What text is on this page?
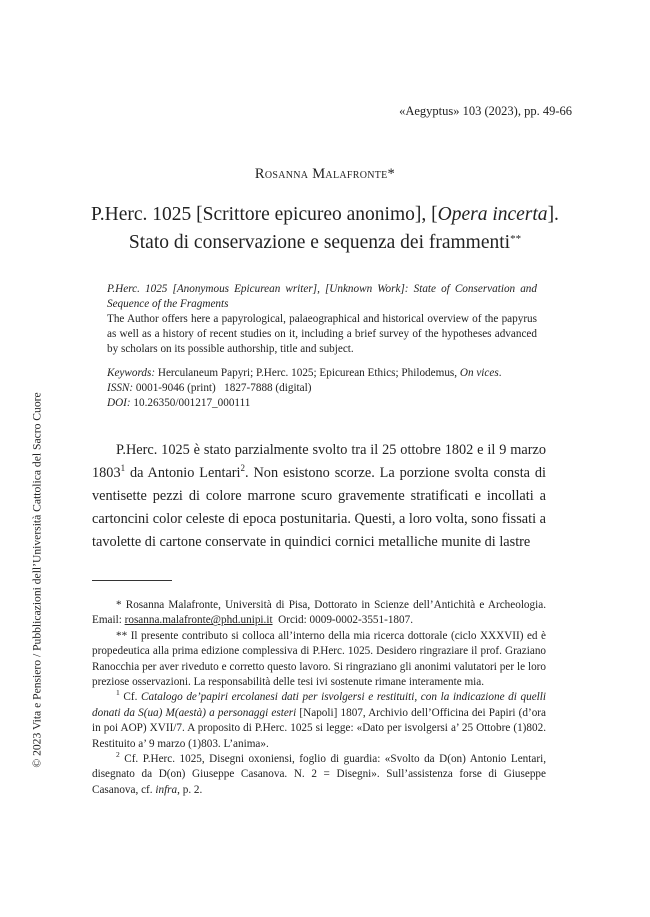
«Aegyptus» 103 (2023), pp. 49-66
Rosanna Malafronte*
P.Herc. 1025 [Scrittore epicureo anonimo], [Opera incerta].
Stato di conservazione e sequenza dei frammenti**

P.Herc. 1025 [Anonymous Epicurean writer], [Unknown Work]: State of Conservation and Sequence of the Fragments

The Author offers here a papyrological, palaeographical and historical overview of the papyrus as well as a history of recent studies on it, including a brief survey of the hypotheses advanced by scholars on its possible authorship, title and subject.

Keywords: Herculaneum Papyri; P.Herc. 1025; Epicurean Ethics; Philodemus, On vices.
ISSN: 0001-9046 (print)   1827-7888 (digital)
DOI: 10.26350/001217_000111

P.Herc. 1025 è stato parzialmente svolto tra il 25 ottobre 1802 e il 9 marzo 1803$^1$ da Antonio Lentari$^2$. Non esistono scorze. La porzione svolta consta di ventisette pezzi di colore marrone scuro gravemente stratificati e incollati a cartoncini color celeste di epoca postunitaria. Questi, a loro volta, sono fissati a tavolette di cartone conservate in quindici cornici metalliche munite di lastre

* Rosanna Malafronte, Università di Pisa, Dottorato in Scienze dell’Antichità e Archeologia. Email: rosanna.malafronte@phd.unipi.it  Orcid: 0009-0002-3551-1807.

** Il presente contributo si colloca all’interno della mia ricerca dottorale (ciclo XXXVII) ed è propedeutica alla prima edizione complessiva di P.Herc. 1025. Desidero ringraziare il prof. Graziano Ranocchia per aver riveduto e corretto questo lavoro. Si ringraziano gli anonimi valutatori per le loro preziose osservazioni. La responsabilità delle tesi ivi sostenute rimane interamente mia.

$^1$ Cf. Catalogo de’papiri ercolanesi dati per isvolgersi e restituiti, con la indicazione di quelli donati da S(ua) M(aestà) a personaggi esteri [Napoli] 1807, Archivio dell’Officina dei Papiri (d’ora in poi AOP) XVII/7. A proposito di P.Herc. 1025 si legge: «Dato per isvolgersi a’ 25 Ottobre (1)802. Restituito a’ 9 marzo (1)803. L’anima».

$^2$ Cf. P.Herc. 1025, Disegni oxoniensi, foglio di guardia: «Svolto da D(on) Antonio Lentari, disegnato da D(on) Giuseppe Casanova. N. 2 = Disegni». Sull’assistenza forse di Giuseppe Casanova, cf. infra, p. 2.

© 2023 Vita e Pensiero / Pubblicazioni dell’Università Cattolica del Sacro Cuore
